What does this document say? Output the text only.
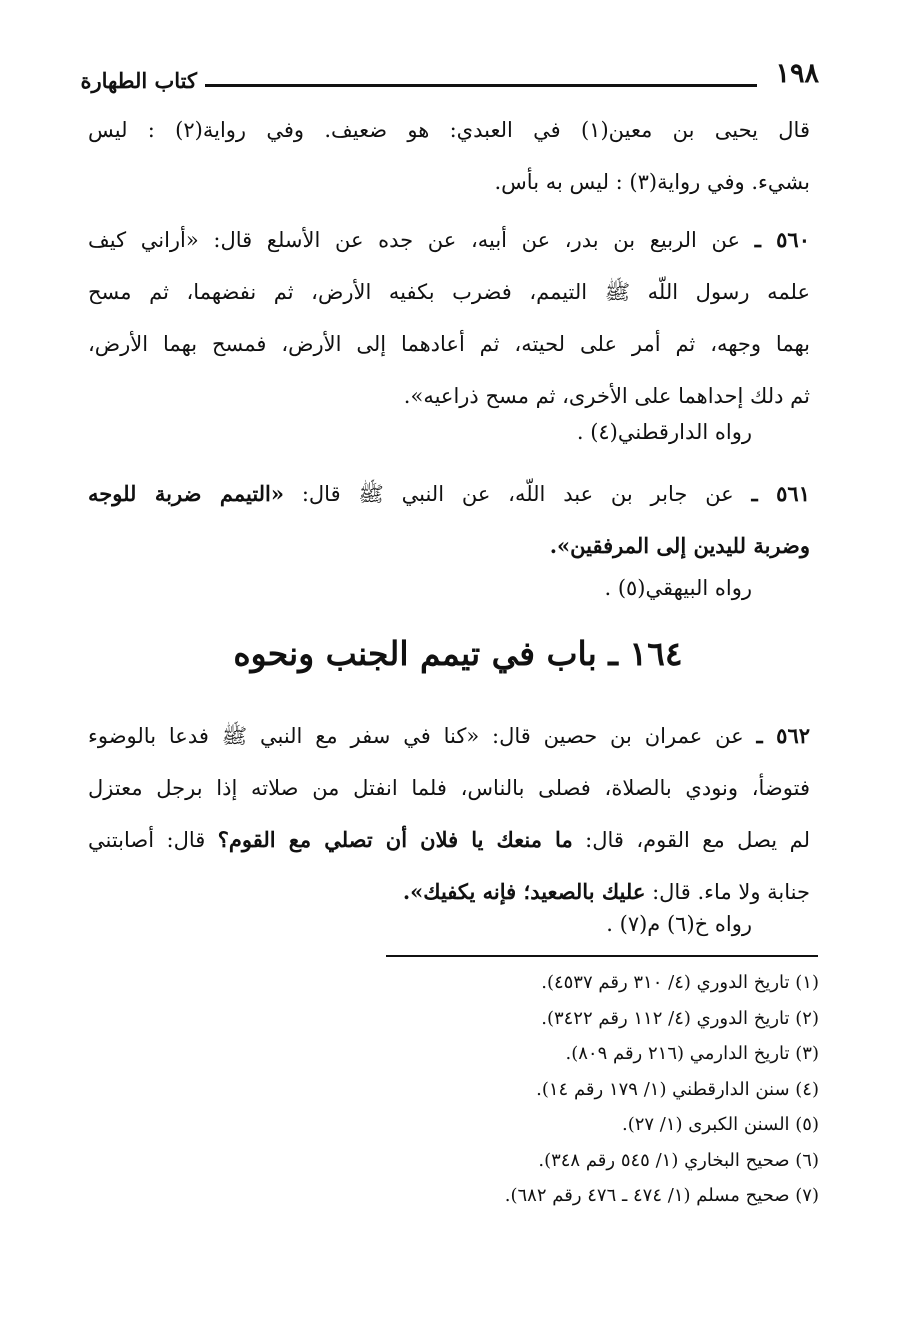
١٩٨
كتاب الطهارة
قال يحيى بن معين(١) في العبدي: هو ضعيف. وفي رواية(٢) : ليس
بشيء. وفي رواية(٣) : ليس به بأس.
٥٦٠ ـ عن الربيع بن بدر، عن أبيه، عن جده عن الأسلع قال: «أراني كيف
علمه رسول اللّه ﷺ التيمم، فضرب بكفيه الأرض، ثم نفضهما، ثم مسح
بهما وجهه، ثم أمر على لحيته، ثم أعادهما إلى الأرض، فمسح بهما الأرض،
ثم دلك إحداهما على الأخرى، ثم مسح ذراعيه».
رواه الدارقطني(٤) .
٥٦١ ـ عن جابر بن عبد اللّه، عن النبي ﷺ قال: «التيمم ضربة للوجه
وضربة لليدين إلى المرفقين».
رواه البيهقي(٥) .
١٦٤ ـ باب في تيمم الجنب ونحوه
٥٦٢ ـ عن عمران بن حصين قال: «كنا في سفر مع النبي ﷺ فدعا بالوضوء
فتوضأ، ونودي بالصلاة، فصلى بالناس، فلما انفتل من صلاته إذا برجل معتزل
لم يصل مع القوم، قال: ما منعك يا فلان أن تصلي مع القوم؟ قال: أصابتني
جنابة ولا ماء. قال: عليك بالصعيد؛ فإنه يكفيك».
رواه خ(٦) م(٧) .
(١) تاريخ الدوري (٤/ ٣١٠ رقم ٤٥٣٧).
(٢) تاريخ الدوري (٤/ ١١٢ رقم ٣٤٢٢).
(٣) تاريخ الدارمي (٢١٦ رقم ٨٠٩).
(٤) سنن الدارقطني (١/ ١٧٩ رقم ١٤).
(٥) السنن الكبرى (١/ ٢٧).
(٦) صحيح البخاري (١/ ٥٤٥ رقم ٣٤٨).
(٧) صحيح مسلم (١/ ٤٧٤ ـ ٤٧٦ رقم ٦٨٢).
